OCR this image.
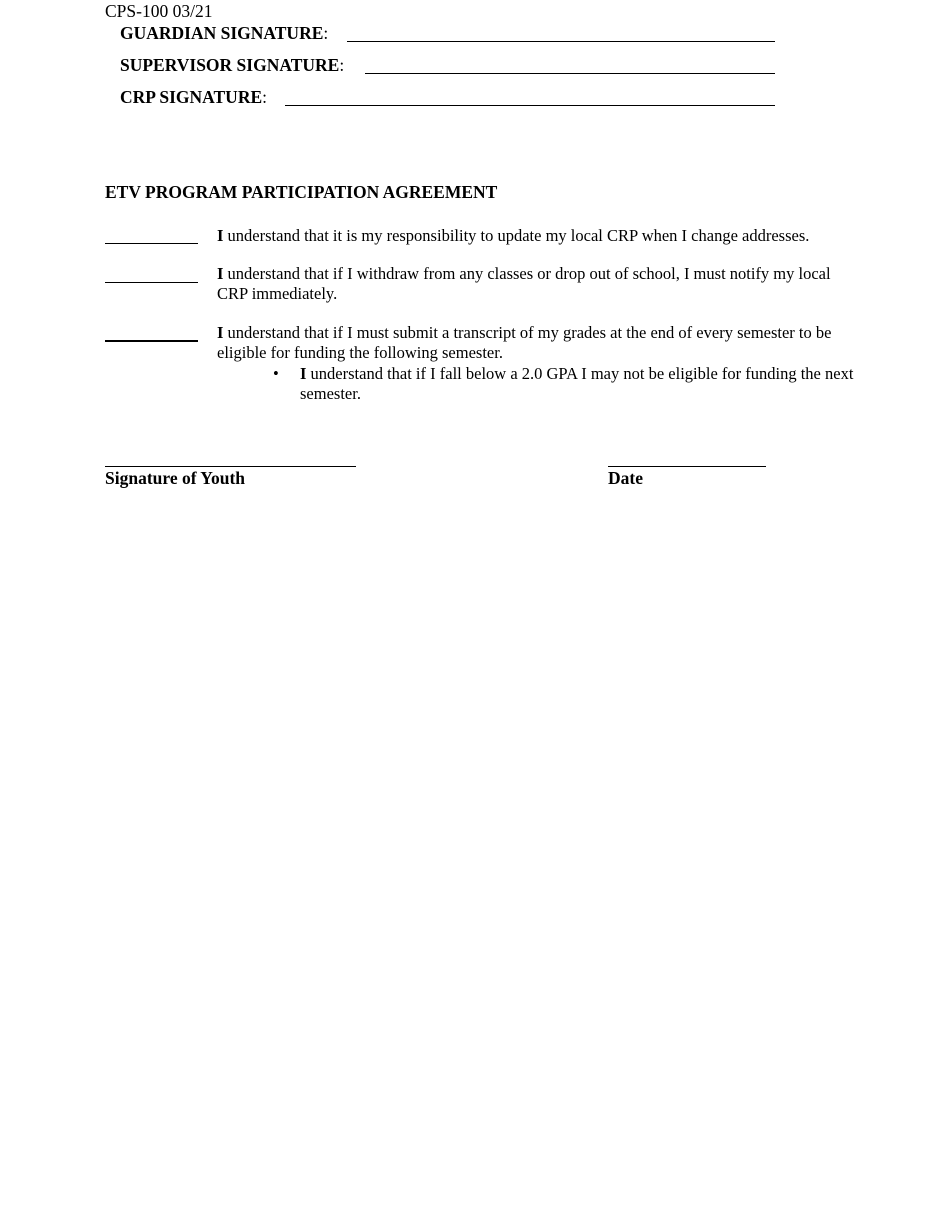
CPS-100 03/21
GUARDIAN SIGNATURE:
SUPERVISOR SIGNATURE:
CRP SIGNATURE:
ETV PROGRAM PARTICIPATION AGREEMENT
I understand that it is my responsibility to update my local CRP when I change addresses.
I understand that if I withdraw from any classes or drop out of school, I must notify my local CRP immediately.
I understand that if I must submit a transcript of my grades at the end of every semester to be eligible for funding the following semester.
• I understand that if I fall below a 2.0 GPA I may not be eligible for funding the next semester.
Signature of Youth	Date
